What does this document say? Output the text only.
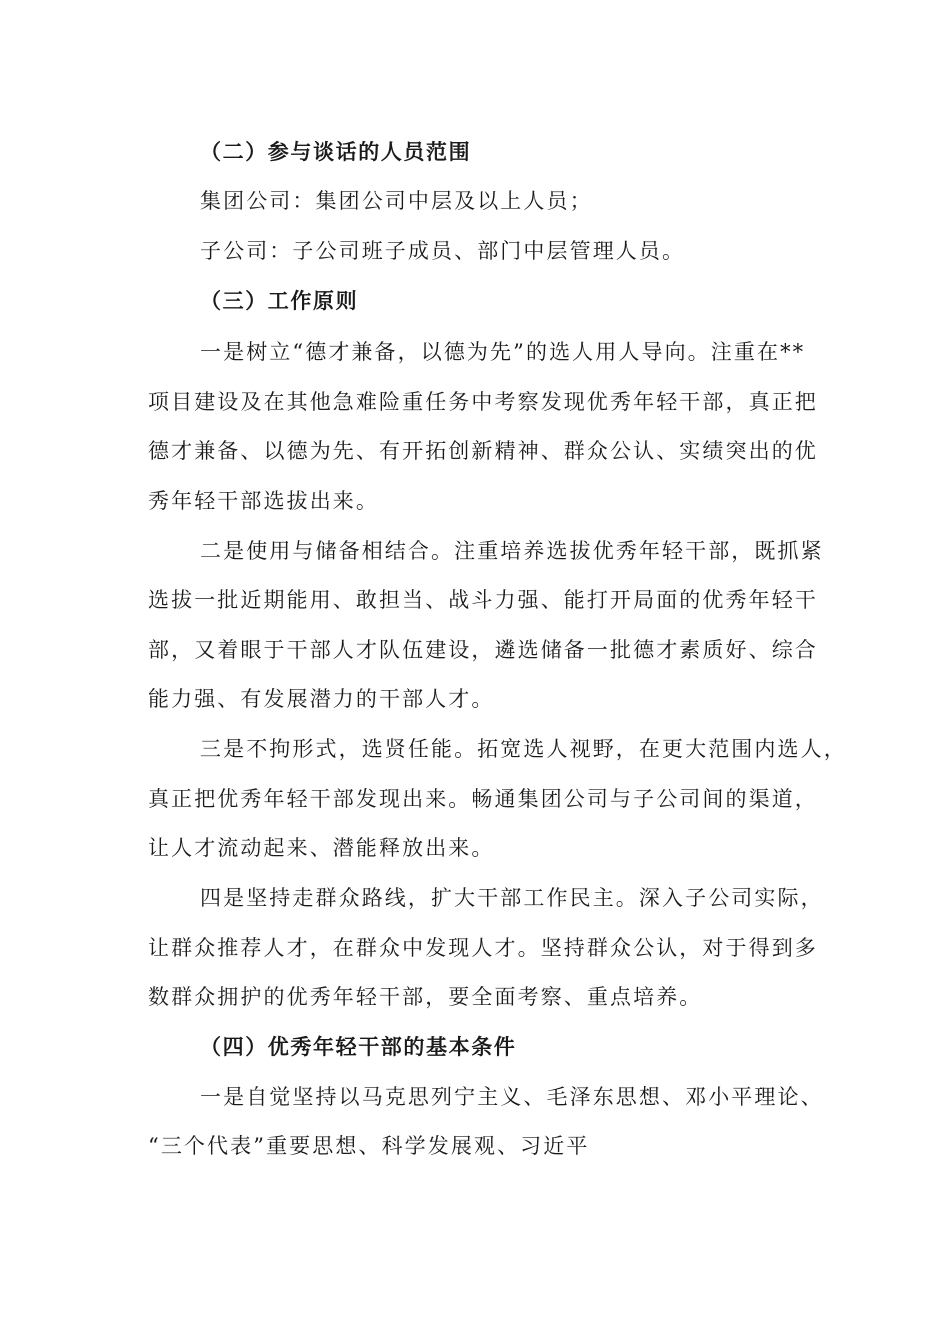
（二）参与谈话的人员范围
集团公司：集团公司中层及以上人员；
子公司：子公司班子成员、部门中层管理人员。
（三）工作原则
一是树立“德才兼备，以德为先”的选人用人导向。注重在**
项目建设及在其他急难险重任务中考察发现优秀年轻干部，真正把
德才兼备、以德为先、有开拓创新精神、群众公认、实绩突出的优
秀年轻干部选拔出来。
二是使用与储备相结合。注重培养选拔优秀年轻干部，既抓紧
选拔一批近期能用、敢担当、战斗力强、能打开局面的优秀年轻干
部，又着眼于干部人才队伍建设，遴选储备一批德才素质好、综合
能力强、有发展潜力的干部人才。
三是不拘形式，选贤任能。拓宽选人视野，在更大范围内选人，
真正把优秀年轻干部发现出来。畅通集团公司与子公司间的渠道，
让人才流动起来、潜能释放出来。
四是坚持走群众路线，扩大干部工作民主。深入子公司实际，
让群众推荐人才，在群众中发现人才。坚持群众公认，对于得到多
数群众拥护的优秀年轻干部，要全面考察、重点培养。
（四）优秀年轻干部的基本条件
一是自觉坚持以马克思列宁主义、毛泽东思想、邓小平理论、
“三个代表”重要思想、科学发展观、习近平
